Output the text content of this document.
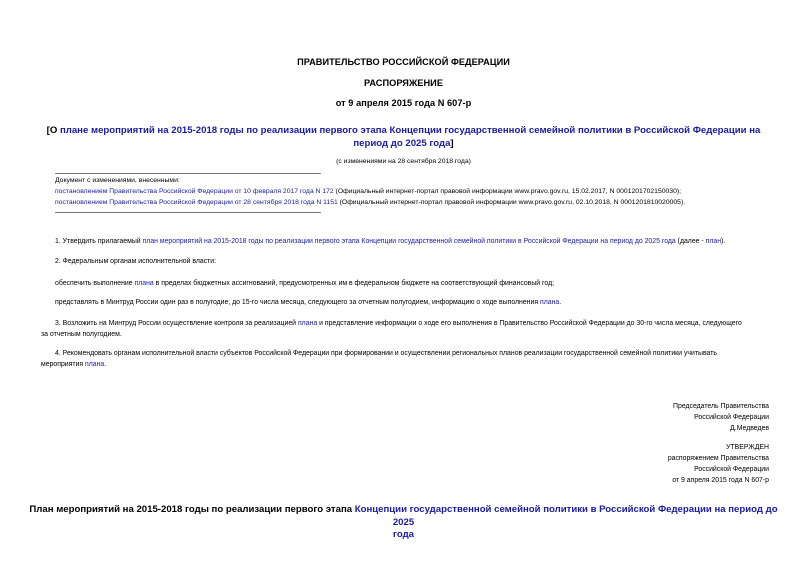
ПРАВИТЕЛЬСТВО РОССИЙСКОЙ ФЕДЕРАЦИИ
РАСПОРЯЖЕНИЕ
от 9 апреля 2015 года N 607-р
[О плане мероприятий на 2015-2018 годы по реализации первого этапа Концепции государственной семейной политики в Российской Федерации на период до 2025 года]
(с изменениями на 28 сентября 2018 года)
Документ с изменениями, внесенными:
постановлением Правительства Российской Федерации от 10 февраля 2017 года N 172 (Официальный интернет-портал правовой информации www.pravo.gov.ru, 15.02.2017, N 0001201702150030);
постановлением Правительства Российской Федерации от 28 сентября 2018 года N 1151 (Официальный интернет-портал правовой информации www.pravo.gov.ru, 02.10.2018, N 0001201810020005).
1. Утвердить прилагаемый план мероприятий на 2015-2018 годы по реализации первого этапа Концепции государственной семейной политики в Российской Федерации на период до 2025 года (далее - план).
2. Федеральным органам исполнительной власти:
обеспечить выполнение плана в пределах бюджетных ассигнований, предусмотренных им в федеральном бюджете на соответствующий финансовый год;
представлять в Минтруд России один раз в полугодие, до 15-го числа месяца, следующего за отчетным полугодием, информацию о ходе выполнения плана.
3. Возложить на Минтруд России осуществление контроля за реализацией плана и представление информации о ходе его выполнения в Правительство Российской Федерации до 30-го числа месяца, следующего
за отчетным полугодием.
4. Рекомендовать органам исполнительной власти субъектов Российской Федерации при формировании и осуществлении региональных планов реализации государственной семейной политики учитывать
мероприятия плана.
Председатель Правительства
Российской Федерации
Д.Медведев
УТВЕРЖДЕН
распоряжением Правительства
Российской Федерации
от 9 апреля 2015 года N 607-р
План мероприятий на 2015-2018 годы по реализации первого этапа Концепции государственной семейной политики в Российской Федерации на период до 2025
года
